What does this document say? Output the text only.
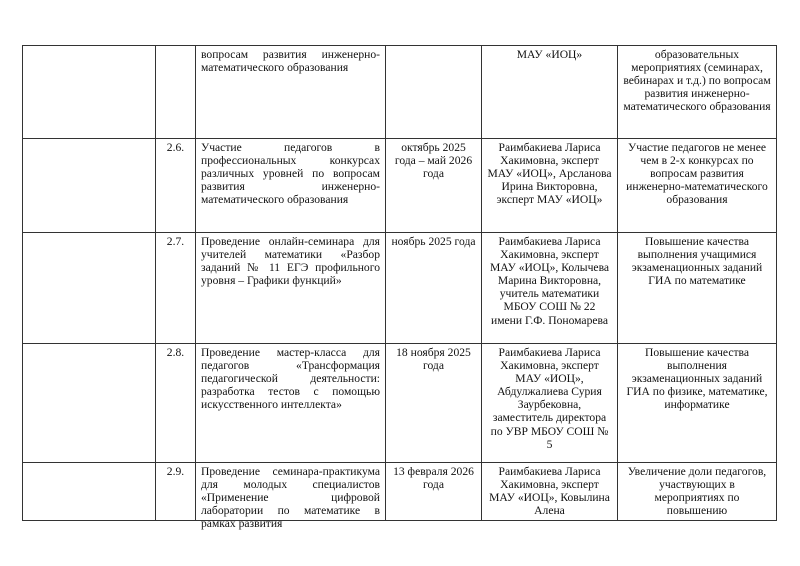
		вопросам развития инженерно-математического образования		МАУ «ИОЦ»	образовательных мероприятиях (семинарах, вебинарах и т.д.) по вопросам развития инженерно-математического образования

	2.6.	Участие педагогов в профессиональных конкурсах различных уровней по вопросам развития инженерно-математического образования	октябрь 2025 года – май 2026 года	Раимбакиева Лариса Хакимовна, эксперт МАУ «ИОЦ», Арсланова Ирина Викторовна, эксперт МАУ «ИОЦ»	Участие педагогов не менее чем в 2-х конкурсах по вопросам развития инженерно-математического образования

	2.7.	Проведение онлайн-семинара для учителей математики «Разбор заданий № 11 ЕГЭ профильного уровня – Графики функций»	ноябрь 2025 года	Раимбакиева Лариса Хакимовна, эксперт МАУ «ИОЦ», Колычева Марина Викторовна, учитель математики МБОУ СОШ № 22 имени Г.Ф. Пономарева	Повышение качества выполнения учащимися экзаменационных заданий ГИА по математике

	2.8.	Проведение мастер-класса для педагогов «Трансформация педагогической деятельности: разработка тестов с помощью искусственного интеллекта»	18 ноября 2025 года	Раимбакиева Лариса Хакимовна, эксперт МАУ «ИОЦ», Абдулжалиева Сурия Заурбековна, заместитель директора по УВР МБОУ СОШ № 5	Повышение качества выполнения экзаменационных заданий ГИА по физике, математике, информатике

	2.9.	Проведение семинара-практикума для молодых специалистов «Применение цифровой лаборатории по математике в рамках развития	13 февраля 2026 года	Раимбакиева Лариса Хакимовна, эксперт МАУ «ИОЦ», Ковылина Алена	Увеличение доли педагогов, участвующих в мероприятиях по повышению
